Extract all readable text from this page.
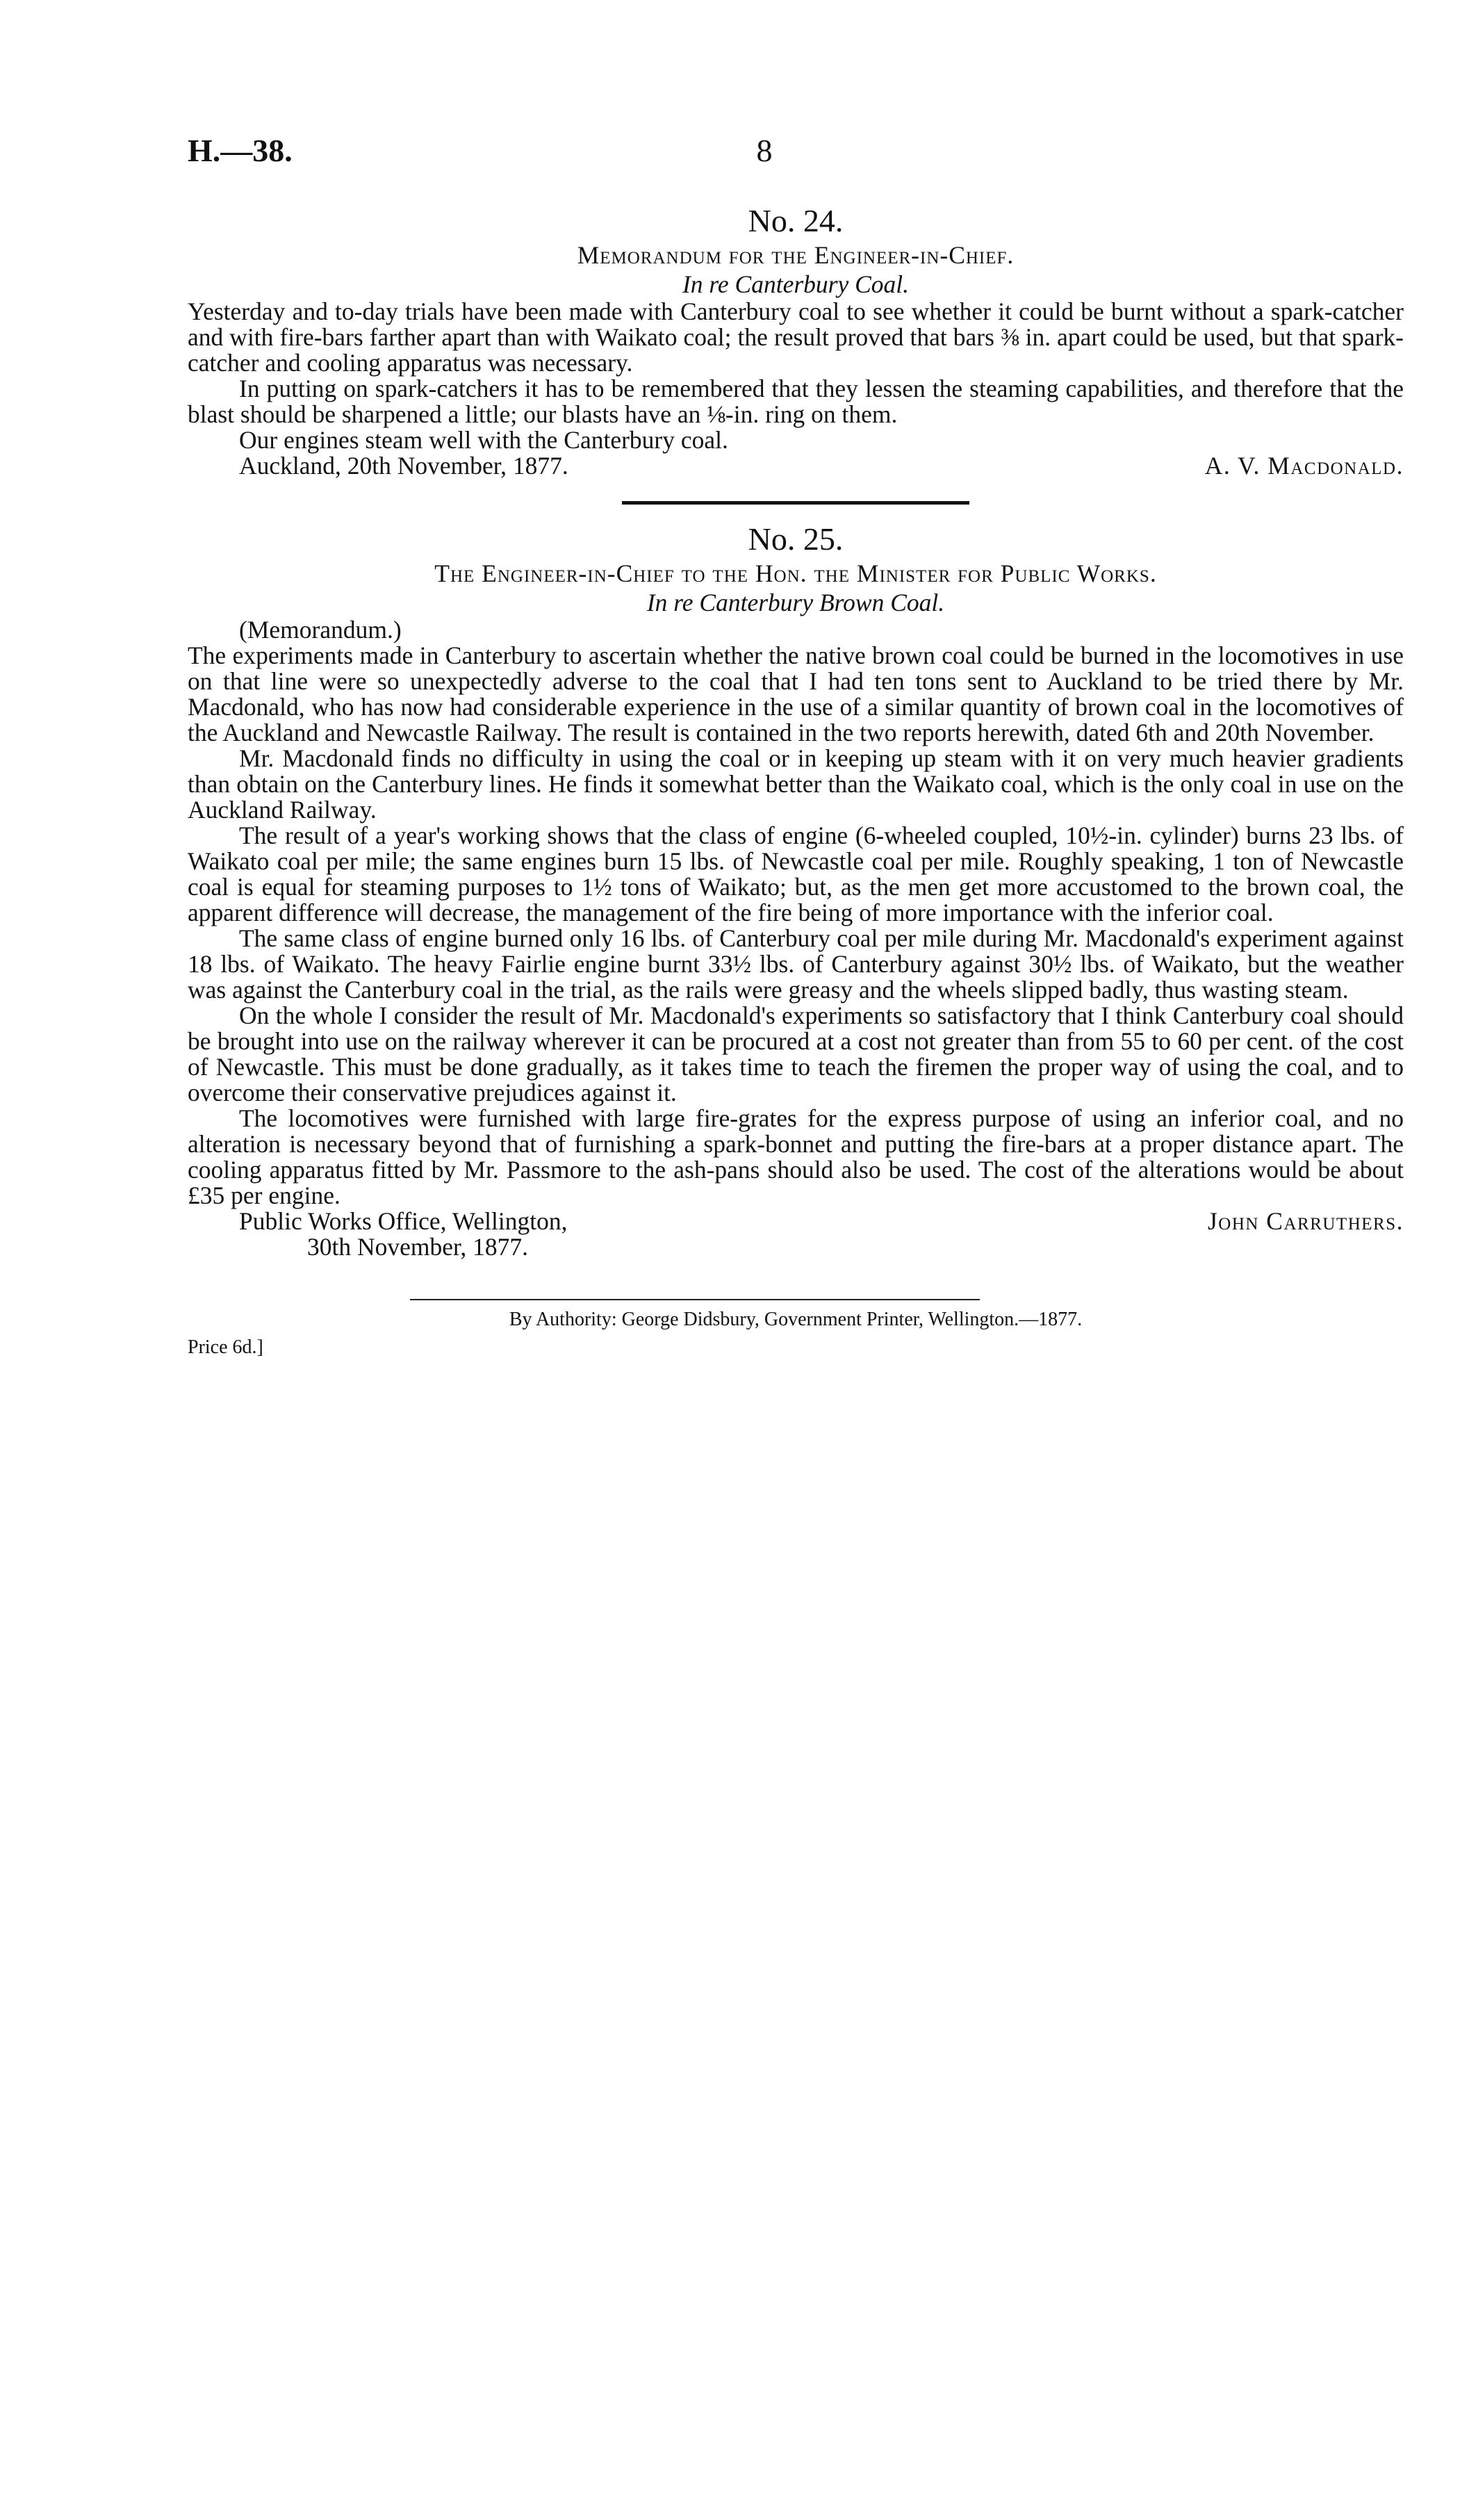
H.—38.	8

No. 24.

Memorandum for the Engineer-in-Chief.

In re Canterbury Coal.

Yesterday and to-day trials have been made with Canterbury coal to see whether it could be burnt without a spark-catcher and with fire-bars farther apart than with Waikato coal; the result proved that bars ⅜ in. apart could be used, but that spark-catcher and cooling apparatus was necessary.

In putting on spark-catchers it has to be remembered that they lessen the steaming capabilities, and therefore that the blast should be sharpened a little; our blasts have an ⅛-in. ring on them.

Our engines steam well with the Canterbury coal.

Auckland, 20th November, 1877.	A. V. Macdonald.

No. 25.

The Engineer-in-Chief to the Hon. the Minister for Public Works.

In re Canterbury Brown Coal.

(Memorandum.)

The experiments made in Canterbury to ascertain whether the native brown coal could be burned in the locomotives in use on that line were so unexpectedly adverse to the coal that I had ten tons sent to Auckland to be tried there by Mr. Macdonald, who has now had considerable experience in the use of a similar quantity of brown coal in the locomotives of the Auckland and Newcastle Railway. The result is contained in the two reports herewith, dated 6th and 20th November.

Mr. Macdonald finds no difficulty in using the coal or in keeping up steam with it on very much heavier gradients than obtain on the Canterbury lines. He finds it somewhat better than the Waikato coal, which is the only coal in use on the Auckland Railway.

The result of a year's working shows that the class of engine (6-wheeled coupled, 10½-in. cylinder) burns 23 lbs. of Waikato coal per mile; the same engines burn 15 lbs. of Newcastle coal per mile. Roughly speaking, 1 ton of Newcastle coal is equal for steaming purposes to 1½ tons of Waikato; but, as the men get more accustomed to the brown coal, the apparent difference will decrease, the management of the fire being of more importance with the inferior coal.

The same class of engine burned only 16 lbs. of Canterbury coal per mile during Mr. Macdonald's experiment against 18 lbs. of Waikato. The heavy Fairlie engine burnt 33½ lbs. of Canterbury against 30½ lbs. of Waikato, but the weather was against the Canterbury coal in the trial, as the rails were greasy and the wheels slipped badly, thus wasting steam.

On the whole I consider the result of Mr. Macdonald's experiments so satisfactory that I think Canterbury coal should be brought into use on the railway wherever it can be procured at a cost not greater than from 55 to 60 per cent. of the cost of Newcastle. This must be done gradually, as it takes time to teach the firemen the proper way of using the coal, and to overcome their conservative prejudices against it.

The locomotives were furnished with large fire-grates for the express purpose of using an inferior coal, and no alteration is necessary beyond that of furnishing a spark-bonnet and putting the fire-bars at a proper distance apart. The cooling apparatus fitted by Mr. Passmore to the ash-pans should also be used. The cost of the alterations would be about £35 per engine.

Public Works Office, Wellington,	John Carruthers.

30th November, 1877.

By Authority: George Didsbury, Government Printer, Wellington.—1877.

Price 6d.]
